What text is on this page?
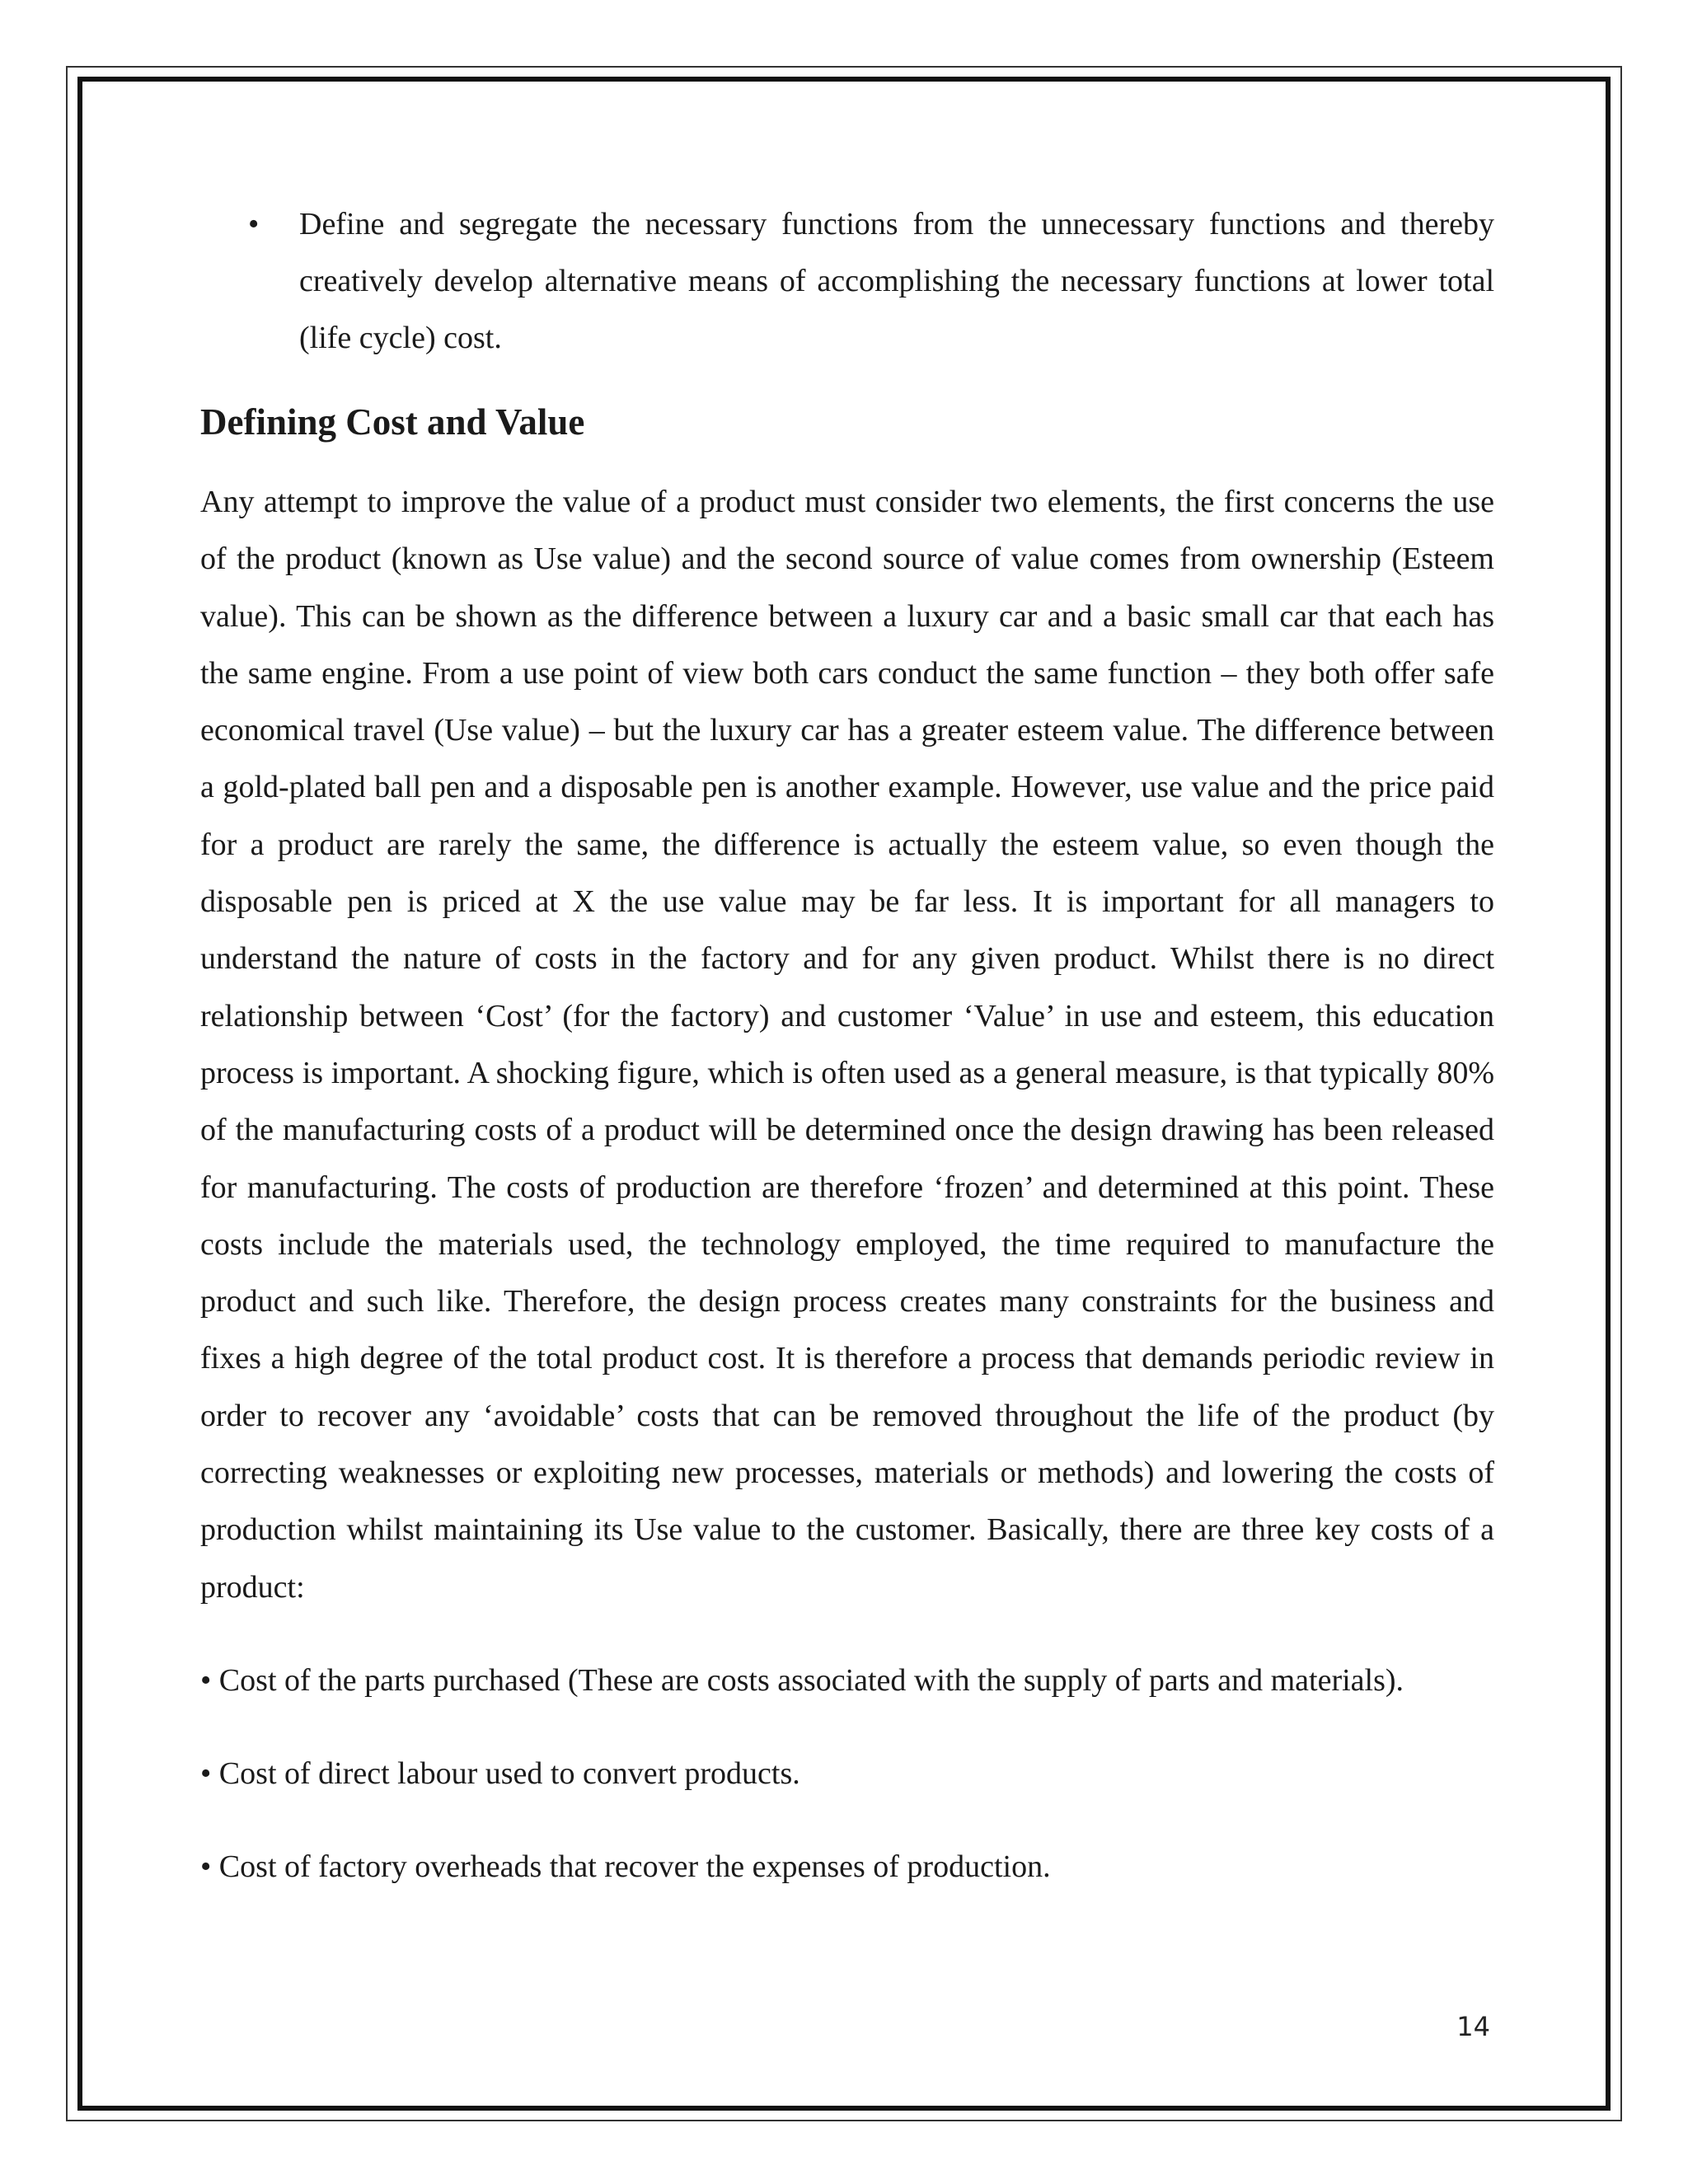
• Define and segregate the necessary functions from the unnecessary functions and thereby creatively develop alternative means of accomplishing the necessary functions at lower total (life cycle) cost.

Defining Cost and Value

Any attempt to improve the value of a product must consider two elements, the first concerns the use of the product (known as Use value) and the second source of value comes from ownership (Esteem value). This can be shown as the difference between a luxury car and a basic small car that each has the same engine. From a use point of view both cars conduct the same function – they both offer safe economical travel (Use value) – but the luxury car has a greater esteem value. The difference between a gold-plated ball pen and a disposable pen is another example. However, use value and the price paid for a product are rarely the same, the difference is actually the esteem value, so even though the disposable pen is priced at X the use value may be far less. It is important for all managers to understand the nature of costs in the factory and for any given product. Whilst there is no direct relationship between ‘Cost’ (for the factory) and customer ‘Value’ in use and esteem, this education process is important. A shocking figure, which is often used as a general measure, is that typically 80% of the manufacturing costs of a product will be determined once the design drawing has been released for manufacturing. The costs of production are therefore ‘frozen’ and determined at this point. These costs include the materials used, the technology employed, the time required to manufacture the product and such like. Therefore, the design process creates many constraints for the business and fixes a high degree of the total product cost. It is therefore a process that demands periodic review in order to recover any ‘avoidable’ costs that can be removed throughout the life of the product (by correcting weaknesses or exploiting new processes, materials or methods) and lowering the costs of production whilst maintaining its Use value to the customer. Basically, there are three key costs of a product:

• Cost of the parts purchased (These are costs associated with the supply of parts and materials).

• Cost of direct labour used to convert products.

• Cost of factory overheads that recover the expenses of production.

14
